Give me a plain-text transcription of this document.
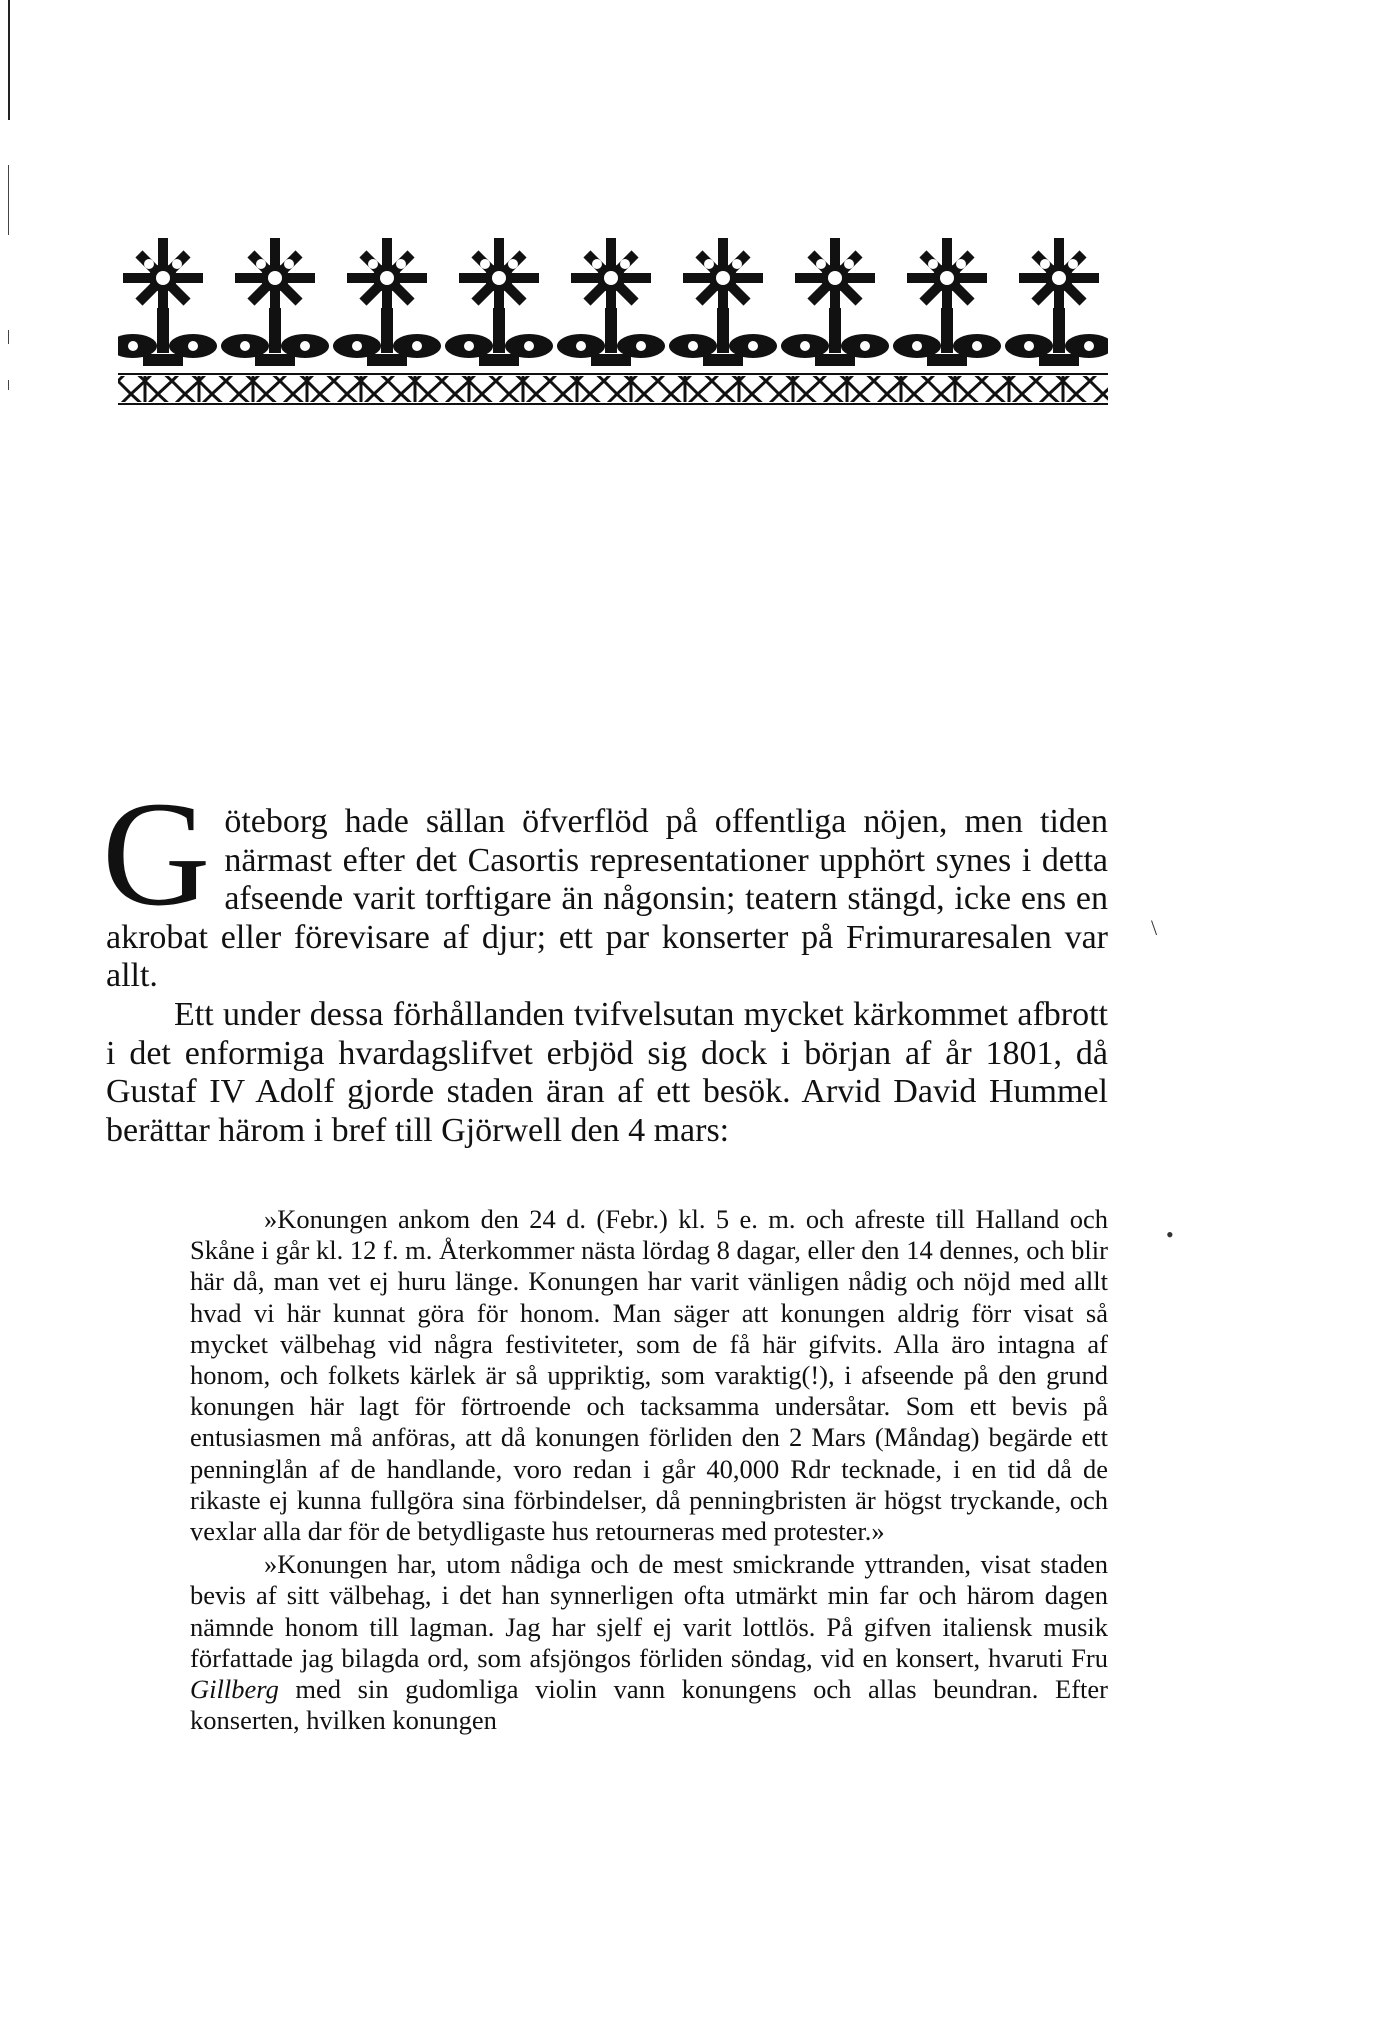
Göteborg hade sällan öfverflöd på offentliga nöjen, men tiden närmast efter det Casortis representationer upphört synes i detta afseende varit torftigare än någonsin; teatern stängd, icke ens en akrobat eller förevisare af djur; ett par konserter på Frimuraresalen var allt.

Ett under dessa förhållanden tvifvelsutan mycket kärkommet afbrott i det enformiga hvardagslifvet erbjöd sig dock i början af år 1801, då Gustaf IV Adolf gjorde staden äran af ett besök. Arvid David Hummel berättar härom i bref till Gjörwell den 4 mars:

»Konungen ankom den 24 d. (Febr.) kl. 5 e. m. och afreste till Halland och Skåne i går kl. 12 f. m. Återkommer nästa lördag 8 dagar, eller den 14 dennes, och blir här då, man vet ej huru länge. Konungen har varit vänligen nådig och nöjd med allt hvad vi här kunnat göra för honom. Man säger att konungen aldrig förr visat så mycket välbehag vid några festiviteter, som de få här gifvits. Alla äro intagna af honom, och folkets kärlek är så uppriktig, som varaktig(!), i afseende på den grund konungen här lagt för förtroende och tacksamma undersåtar. Som ett bevis på entusiasmen må anföras, att då konungen förliden den 2 Mars (Måndag) begärde ett penninglån af de handlande, voro redan i går 40,000 Rdr tecknade, i en tid då de rikaste ej kunna fullgöra sina förbindelser, då penningbristen är högst tryckande, och vexlar alla dar för de betydligaste hus retourneras med protester.»

»Konungen har, utom nådiga och de mest smickrande yttranden, visat staden bevis af sitt välbehag, i det han synnerligen ofta utmärkt min far och härom dagen nämnde honom till lagman. Jag har sjelf ej varit lottlös. På gifven italiensk musik författade jag bilagda ord, som afsjöngos förliden söndag, vid en konsert, hvaruti Fru Gillberg med sin gudomliga violin vann konungens och allas beundran. Efter konserten, hvilken konungen

\
•
